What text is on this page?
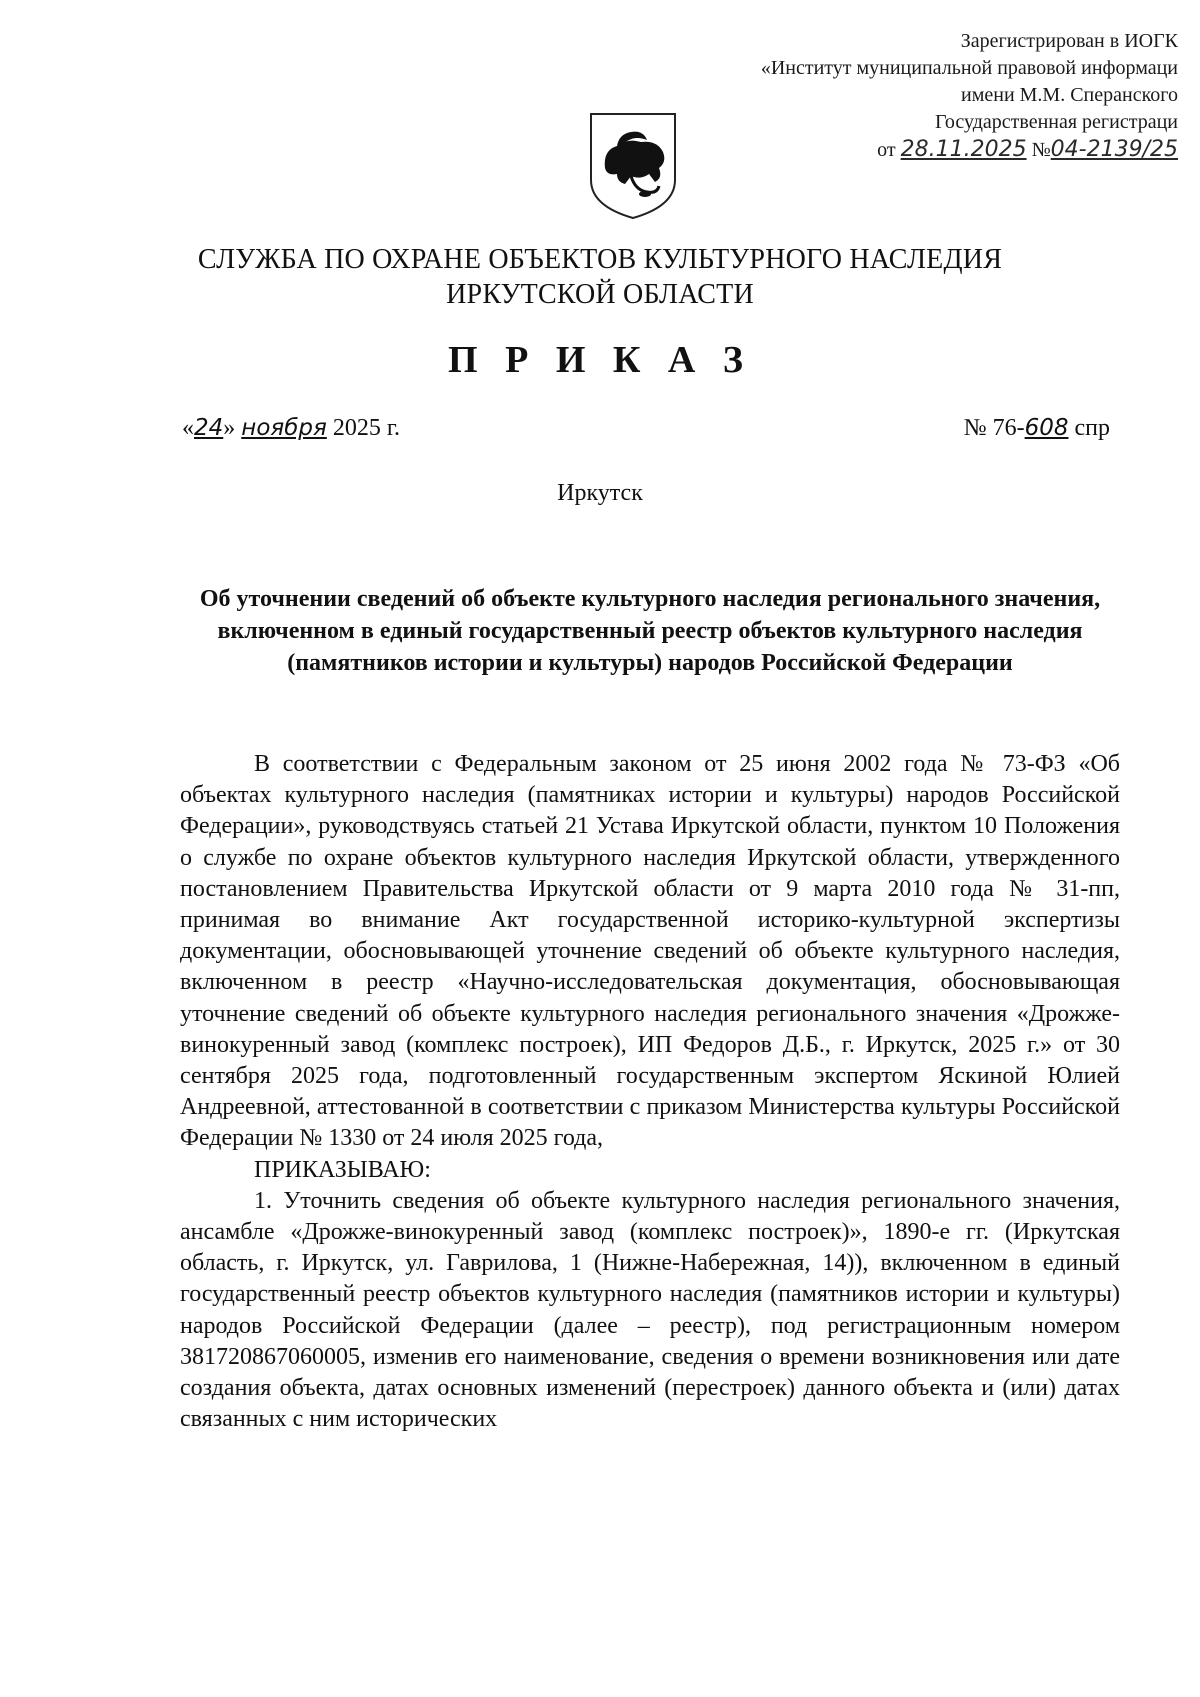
Зарегистрирован в ИОГК
«Институт муниципальной правовой информаци
имени М.М. Сперанского
Государственная регистраци
от 28.11.2025 №04-2139/25
СЛУЖБА ПО ОХРАНЕ ОБЪЕКТОВ КУЛЬТУРНОГО НАСЛЕДИЯ
ИРКУТСКОЙ ОБЛАСТИ
П Р И К А З
«24» ноября 2025 г.	№ 76-608 спр
Иркутск
Об уточнении сведений об объекте культурного наследия регионального значения, включенном в единый государственный реестр объектов культурного наследия (памятников истории и культуры) народов Российской Федерации

В соответствии с Федеральным законом от 25 июня 2002 года № 73-ФЗ «Об объектах культурного наследия (памятниках истории и культуры) народов Российской Федерации», руководствуясь статьей 21 Устава Иркутской области, пунктом 10 Положения о службе по охране объектов культурного наследия Иркутской области, утвержденного постановлением Правительства Иркутской области от 9 марта 2010 года № 31-пп, принимая во внимание Акт государственной историко-культурной экспертизы документации, обосновывающей уточнение сведений об объекте культурного наследия, включенном в реестр «Научно-исследовательская документация, обосновывающая уточнение сведений об объекте культурного наследия регионального значения «Дрожже-винокуренный завод (комплекс построек), ИП Федоров Д.Б., г. Иркутск, 2025 г.» от 30 сентября 2025 года, подготовленный государственным экспертом Яскиной Юлией Андреевной, аттестованной в соответствии с приказом Министерства культуры Российской Федерации № 1330 от 24 июля 2025 года,

ПРИКАЗЫВАЮ:

1. Уточнить сведения об объекте культурного наследия регионального значения, ансамбле «Дрожже-винокуренный завод (комплекс построек)», 1890-е гг. (Иркутская область, г. Иркутск, ул. Гаврилова, 1 (Нижне-Набережная, 14)), включенном в единый государственный реестр объектов культурного наследия (памятников истории и культуры) народов Российской Федерации (далее – реестр), под регистрационным номером 381720867060005, изменив его наименование, сведения о времени возникновения или дате создания объекта, датах основных изменений (перестроек) данного объекта и (или) датах связанных с ним исторических
